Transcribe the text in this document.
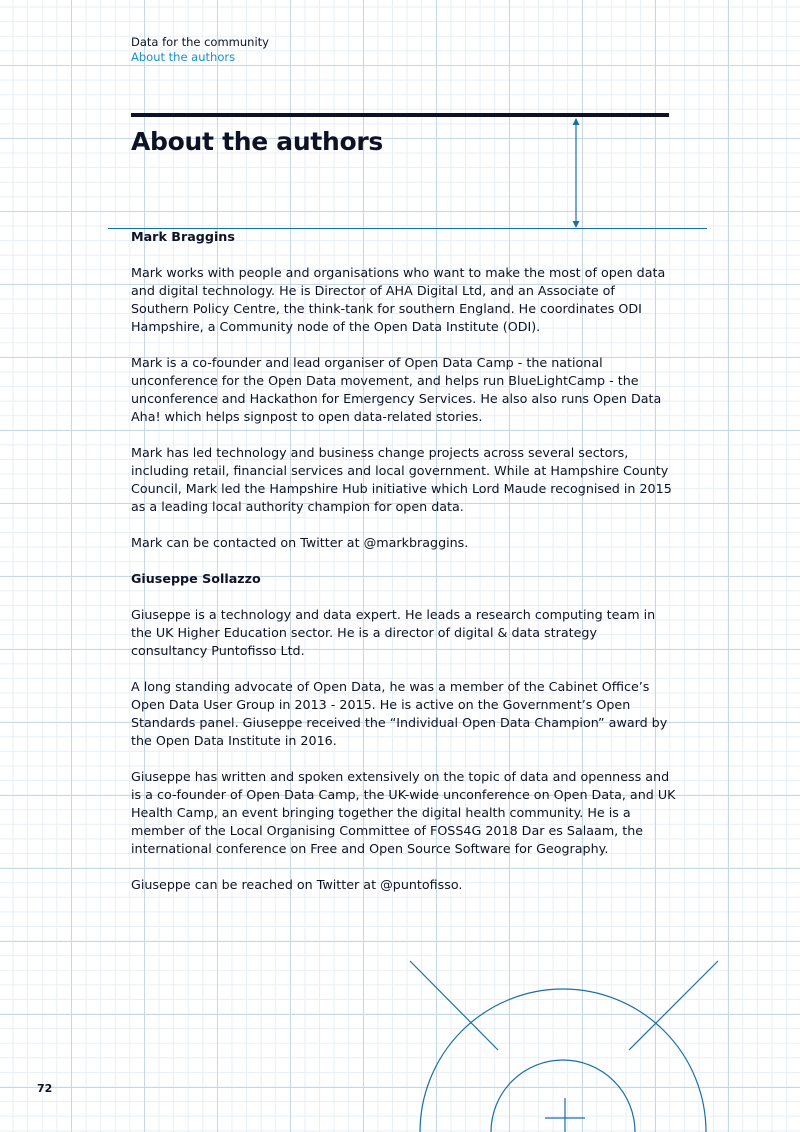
Data for the community
About the authors
About the authors
Mark Braggins

Mark works with people and organisations who want to make the most of open data and digital technology. He is Director of AHA Digital Ltd, and an Associate of Southern Policy Centre, the think-tank for southern England. He coordinates ODI Hampshire, a Community node of the Open Data Institute (ODI).

Mark is a co-founder and lead organiser of Open Data Camp - the national unconference for the Open Data movement, and helps run BlueLightCamp - the unconference and Hackathon for Emergency Services. He also also runs Open Data Aha! which helps signpost to open data-related stories.

Mark has led technology and business change projects across several sectors, including retail, financial services and local government. While at Hampshire County Council, Mark led the Hampshire Hub initiative which Lord Maude recognised in 2015 as a leading local authority champion for open data.

Mark can be contacted on Twitter at @markbraggins.

Giuseppe Sollazzo

Giuseppe is a technology and data expert. He leads a research computing team in the UK Higher Education sector. He is a director of digital & data strategy consultancy Puntofisso Ltd.

A long standing advocate of Open Data, he was a member of the Cabinet Office’s Open Data User Group in 2013 - 2015. He is active on the Government’s Open Standards panel. Giuseppe received the “Individual Open Data Champion” award by the Open Data Institute in 2016.

Giuseppe has written and spoken extensively on the topic of data and openness and is a co-founder of Open Data Camp, the UK-wide unconference on Open Data, and UK Health Camp, an event bringing together the digital health community. He is a member of the Local Organising Committee of FOSS4G 2018 Dar es Salaam, the international conference on Free and Open Source Software for Geography.

Giuseppe can be reached on Twitter at @puntofisso.

72
